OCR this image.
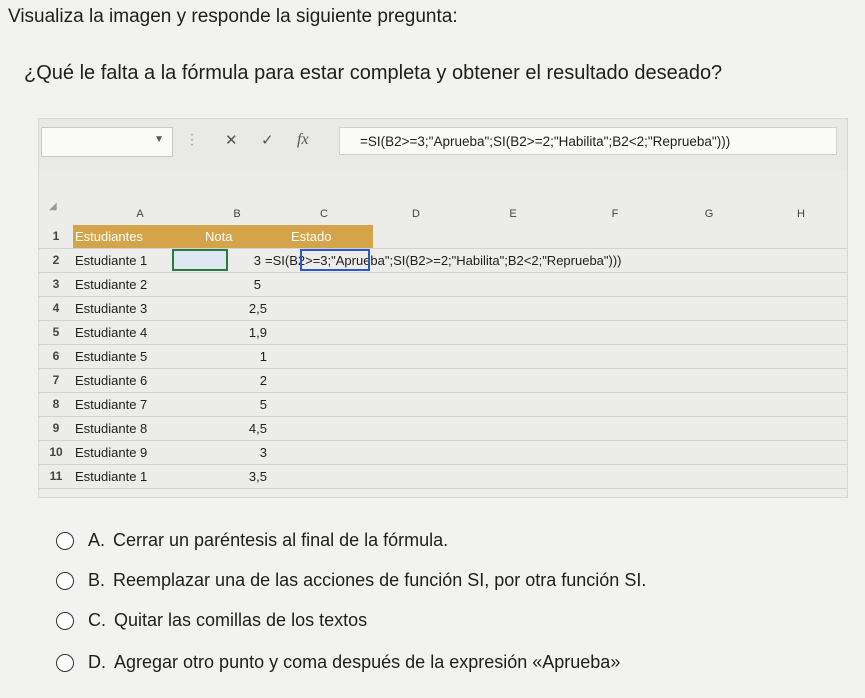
Visualiza la imagen y responde la siguiente pregunta:
¿Qué le falta a la fórmula para estar completa y obtener el resultado deseado?
▼ ⋮ ✕ ✓ fx	=SI(B2>=3;"Aprueba";SI(B2>=2;"Habilita";B2<2;"Reprueba")))
◢
A	B	C	D	E	F	G	H
1	Estudiantes	Nota	Estado
2	Estudiante 1	3 =SI(B2>=3;"Aprueba";SI(B2>=2;"Habilita";B2<2;"Reprueba")))
3	Estudiante 2	5
4	Estudiante 3	2,5
5	Estudiante 4	1,9
6	Estudiante 5	1
7	Estudiante 6	2
8	Estudiante 7	5
9	Estudiante 8	4,5
10 Estudiante 9	3
11 Estudiante 1	3,5
A. Cerrar un paréntesis al final de la fórmula.
B. Reemplazar una de las acciones de función SI, por otra función SI.
C. Quitar las comillas de los textos
D. Agregar otro punto y coma después de la expresión «Aprueba»
